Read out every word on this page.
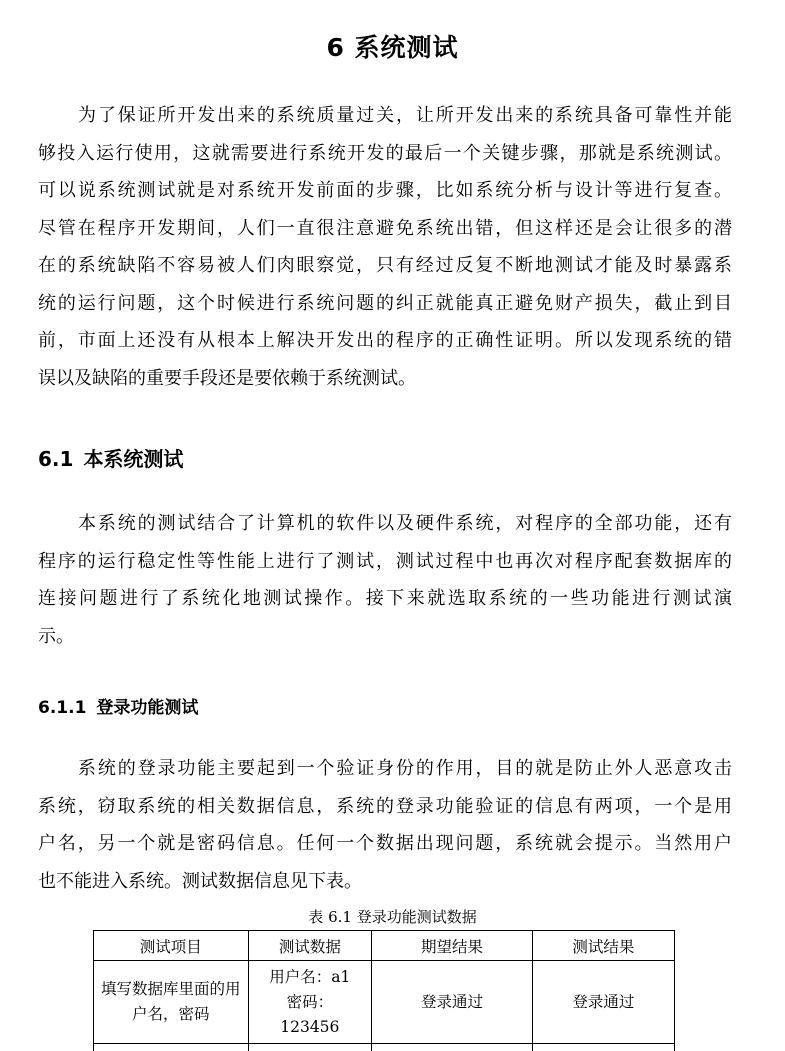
6 系统测试
为了保证所开发出来的系统质量过关，让所开发出来的系统具备可靠性并能
够投入运行使用，这就需要进行系统开发的最后一个关键步骤，那就是系统测试。
可以说系统测试就是对系统开发前面的步骤，比如系统分析与设计等进行复查。
尽管在程序开发期间，人们一直很注意避免系统出错，但这样还是会让很多的潜
在的系统缺陷不容易被人们肉眼察觉，只有经过反复不断地测试才能及时暴露系
统的运行问题，这个时候进行系统问题的纠正就能真正避免财产损失，截止到目
前，市面上还没有从根本上解决开发出的程序的正确性证明。所以发现系统的错
误以及缺陷的重要手段还是要依赖于系统测试。
6.1 本系统测试
本系统的测试结合了计算机的软件以及硬件系统，对程序的全部功能，还有
程序的运行稳定性等性能上进行了测试，测试过程中也再次对程序配套数据库的
连接问题进行了系统化地测试操作。接下来就选取系统的一些功能进行测试演
示。
6.1.1 登录功能测试
系统的登录功能主要起到一个验证身份的作用，目的就是防止外人恶意攻击
系统，窃取系统的相关数据信息，系统的登录功能验证的信息有两项，一个是用
户名，另一个就是密码信息。任何一个数据出现问题，系统就会提示。当然用户
也不能进入系统。测试数据信息见下表。
表 6.1 登录功能测试数据
测试项目	测试数据	期望结果	测试结果

填写数据库里面的用
户名，密码	用户名：a1
密码：
123456	登录通过	登录通过
